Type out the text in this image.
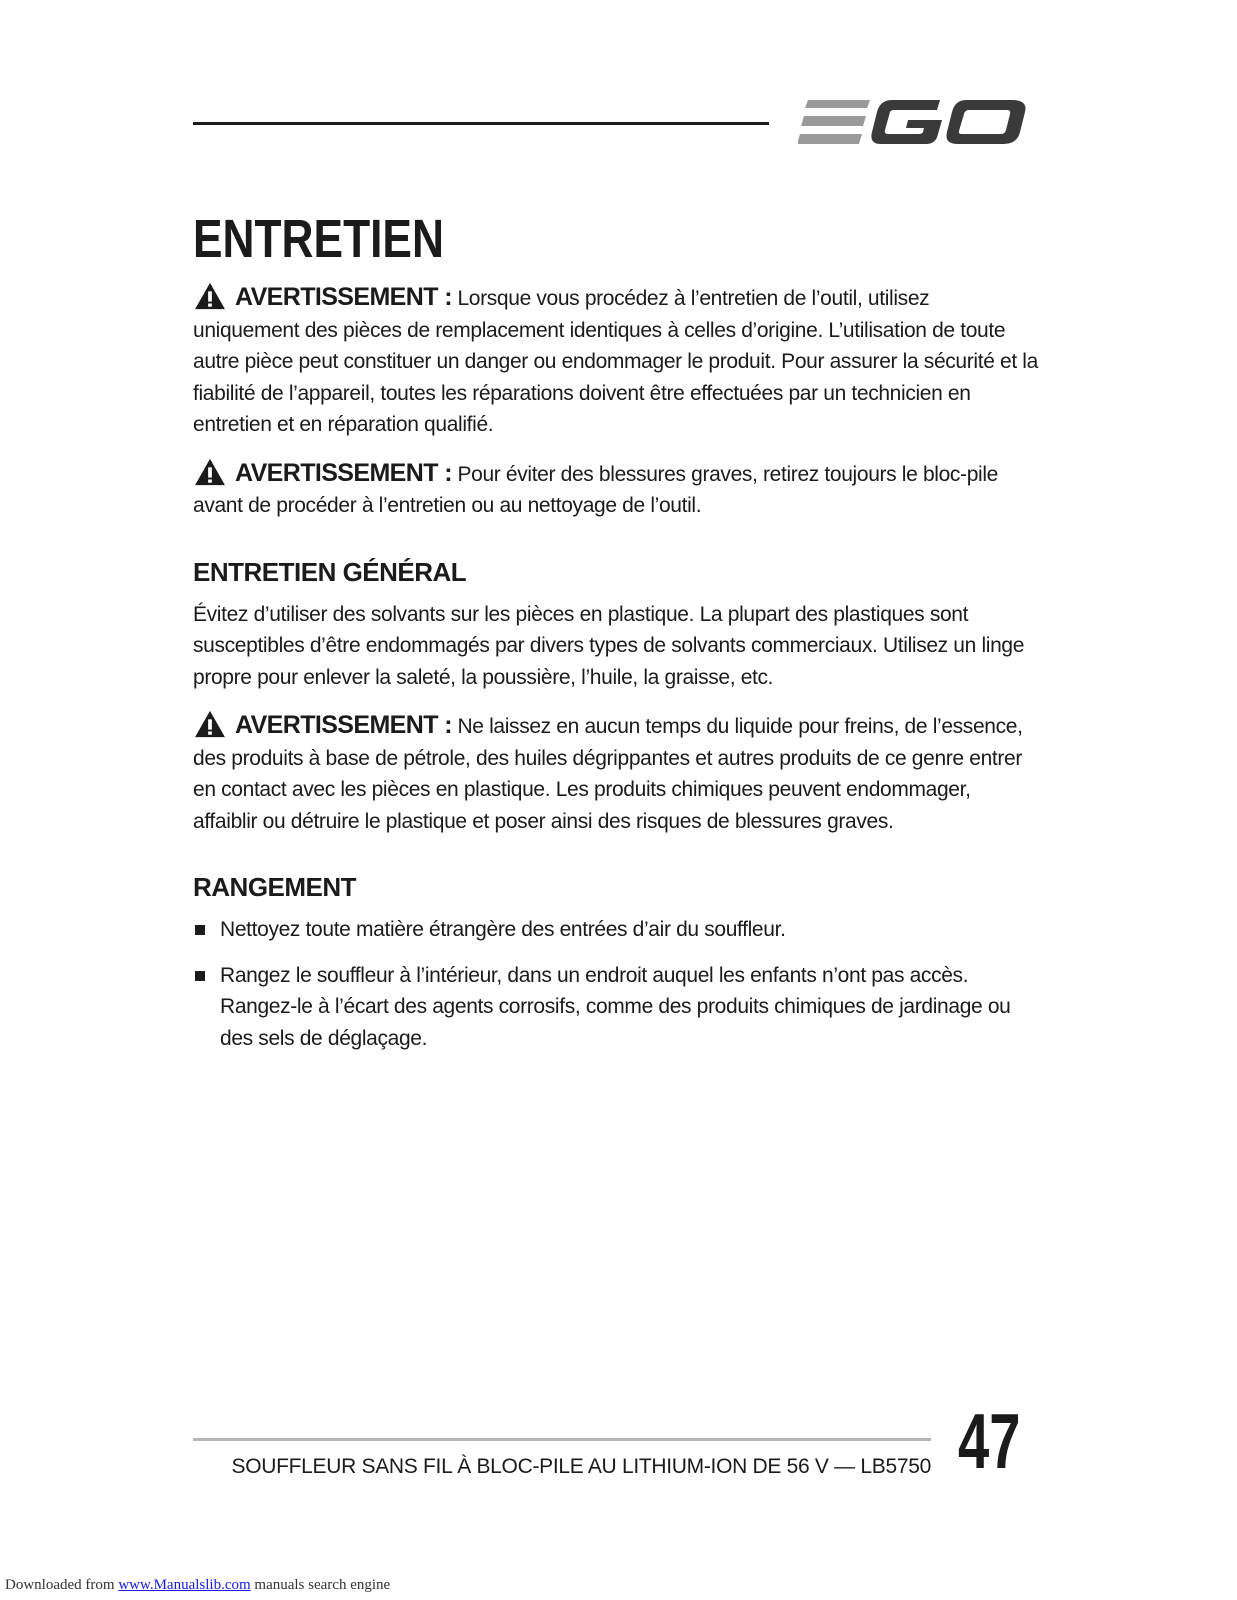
ENTRETIEN

AVERTISSEMENT : Lorsque vous procédez à l’entretien de l’outil, utilisez uniquement des pièces de remplacement identiques à celles d’origine. L’utilisation de toute autre pièce peut constituer un danger ou endommager le produit. Pour assurer la sécurité et la fiabilité de l’appareil, toutes les réparations doivent être effectuées par un technicien en entretien et en réparation qualifié.

AVERTISSEMENT : Pour éviter des blessures graves, retirez toujours le bloc-pile avant de procéder à l’entretien ou au nettoyage de l’outil.

ENTRETIEN GÉNÉRAL

Évitez d’utiliser des solvants sur les pièces en plastique. La plupart des plastiques sont susceptibles d’être endommagés par divers types de solvants commerciaux. Utilisez un linge propre pour enlever la saleté, la poussière, l’huile, la graisse, etc.

AVERTISSEMENT : Ne laissez en aucun temps du liquide pour freins, de l’essence, des produits à base de pétrole, des huiles dégrippantes et autres produits de ce genre entrer en contact avec les pièces en plastique. Les produits chimiques peuvent endommager, affaiblir ou détruire le plastique et poser ainsi des risques de blessures graves.

RANGEMENT
Nettoyez toute matière étrangère des entrées d’air du souffleur.
Rangez le souffleur à l’intérieur, dans un endroit auquel les enfants n’ont pas accès. Rangez-le à l’écart des agents corrosifs, comme des produits chimiques de jardinage ou des sels de déglaçage.
SOUFFLEUR SANS FIL À BLOC-PILE AU LITHIUM-ION DE 56 V — LB5750 47
Downloaded from www.Manualslib.com manuals search engine
